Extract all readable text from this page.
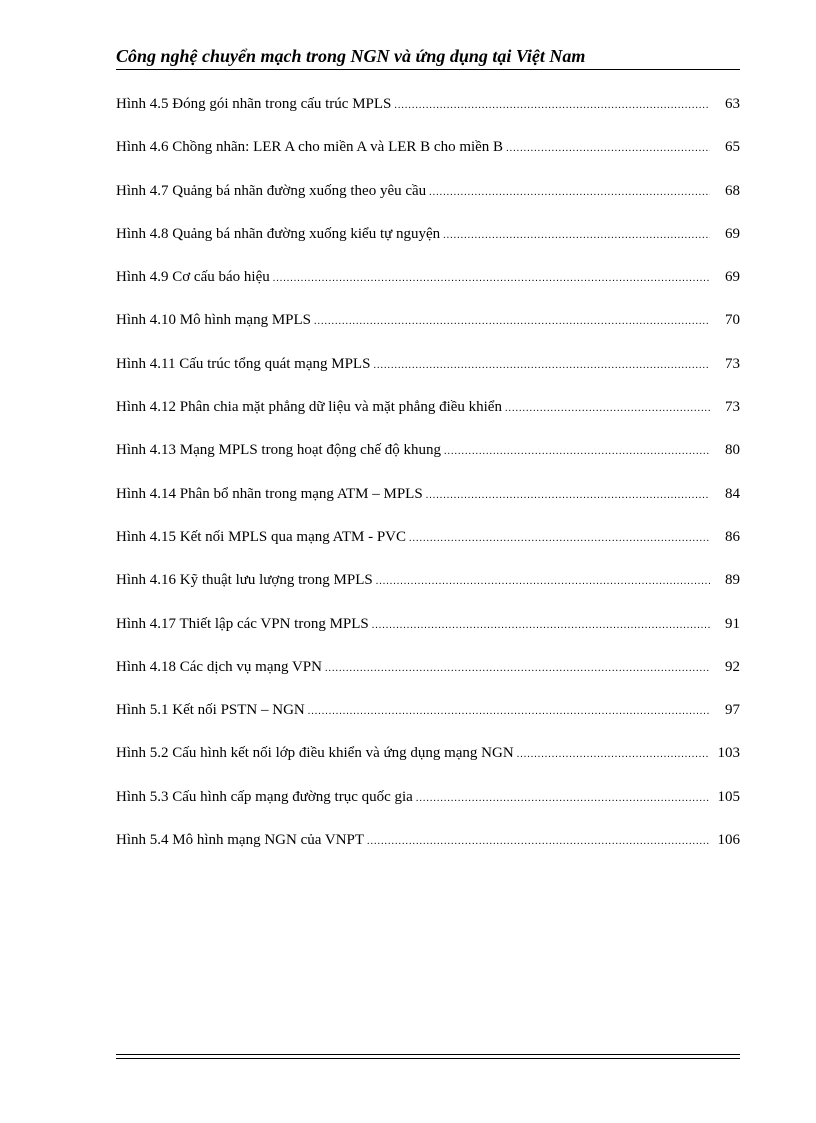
Công nghệ chuyển mạch trong NGN và ứng dụng tại Việt Nam
Hình 4.5 Đóng gói nhãn trong cấu trúc MPLS .....	63
Hình 4.6 Chồng nhãn: LER A cho miền A và LER B cho miền B .....	65
Hình 4.7 Quảng bá nhãn đường xuống theo yêu cầu .....	68
Hình 4.8 Quảng bá nhãn đường xuống kiểu tự nguyện .....	69
Hình 4.9 Cơ cấu báo hiệu .....	69
Hình 4.10 Mô hình mạng MPLS .....	70
Hình 4.11 Cấu trúc tổng quát mạng MPLS .....	73
Hình 4.12 Phân chia mặt phẳng dữ liệu và mặt phẳng điều khiển .....	73
Hình 4.13 Mạng MPLS trong hoạt động chế độ khung .....	80
Hình 4.14 Phân bổ nhãn trong mạng ATM – MPLS .....	84
Hình 4.15 Kết nối MPLS qua mạng ATM - PVC .....	86
Hình 4.16 Kỹ thuật lưu lượng trong MPLS .....	89
Hình 4.17 Thiết lập các VPN trong MPLS .....	91
Hình 4.18 Các dịch vụ mạng VPN .....	92
Hình 5.1 Kết nối PSTN – NGN .....	97
Hình 5.2 Cấu hình kết nối lớp điều khiển và ứng dụng mạng NGN .....	103
Hình 5.3 Cấu hình cấp mạng đường trục quốc gia .....	105
Hình 5.4 Mô hình mạng NGN của VNPT .....	106
